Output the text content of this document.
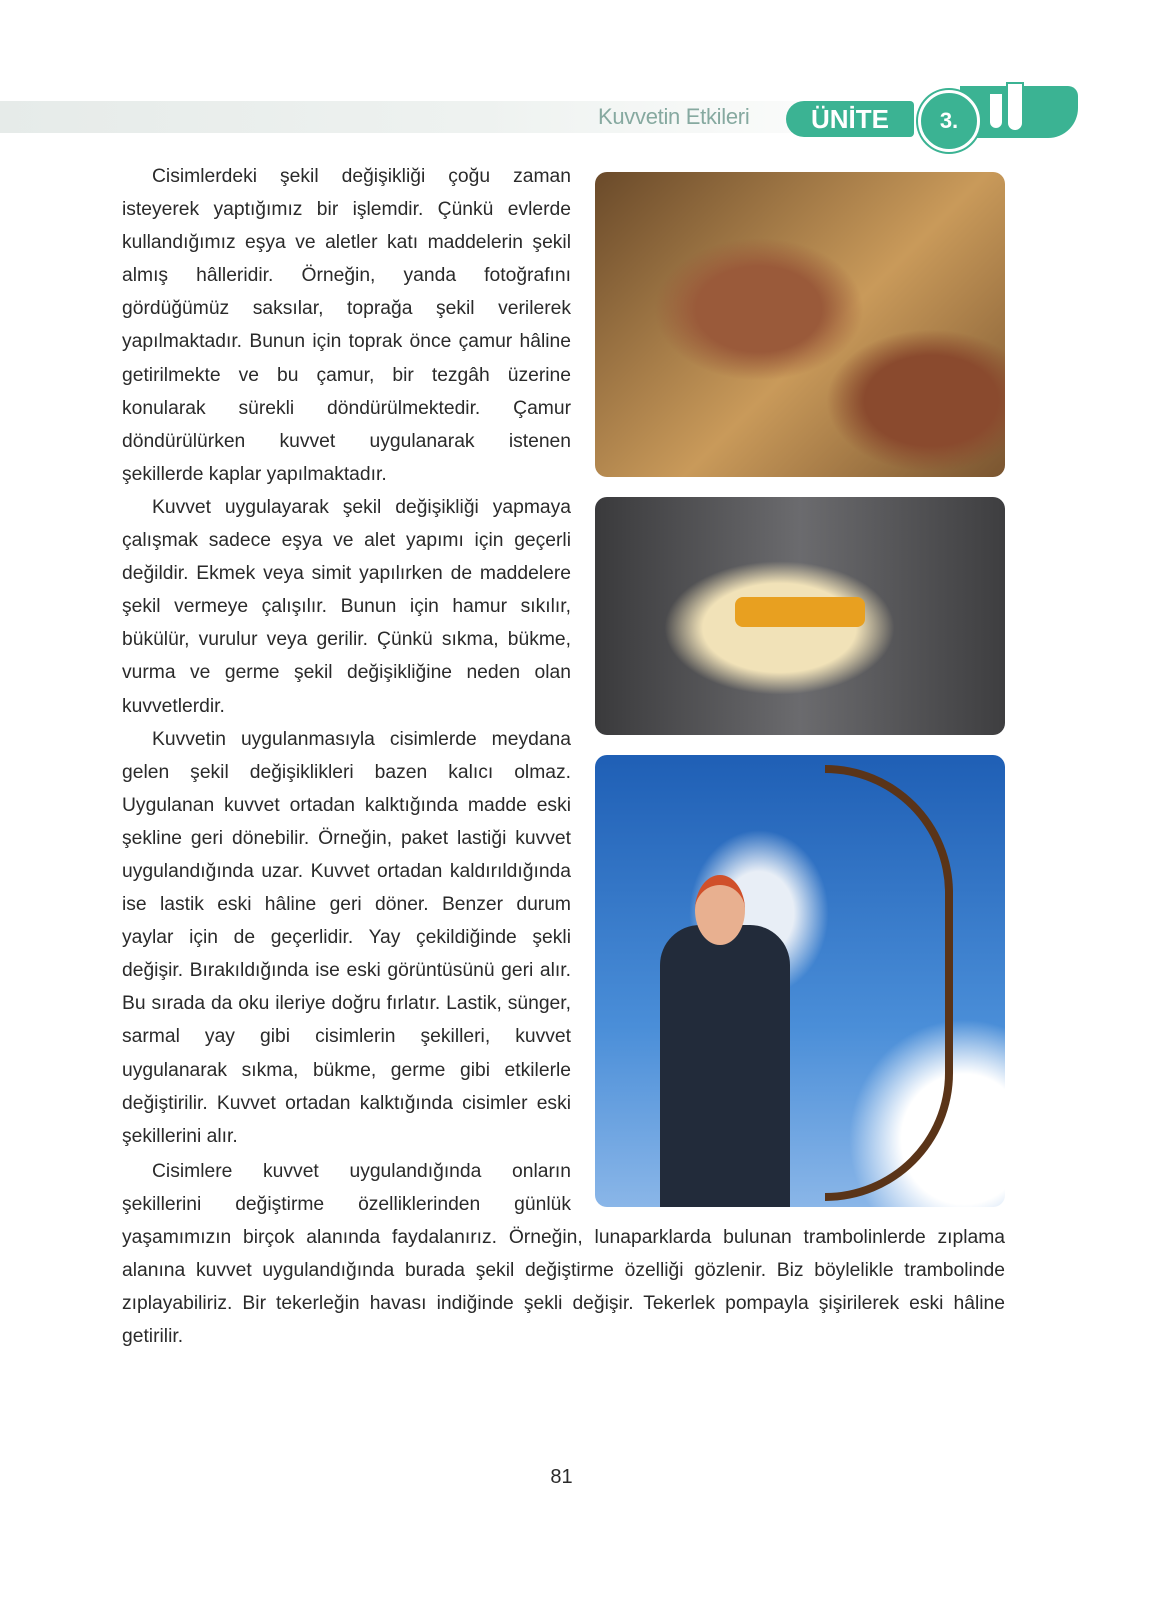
Kuvvetin Etkileri	ÜNİTE	3.

Cisimlerdeki şekil değişikliği çoğu zaman isteyerek yaptığımız bir işlemdir. Çünkü evlerde kullandığımız eşya ve aletler katı maddelerin şekil almış hâlleridir. Örneğin, yanda fotoğrafını gördüğümüz saksılar, toprağa şekil verilerek yapılmaktadır. Bunun için toprak önce çamur hâline getirilmekte ve bu çamur, bir tezgâh üzerine konularak sürekli döndürülmektedir. Çamur döndürülürken kuvvet uygulanarak istenen şekillerde kaplar yapılmaktadır.

Kuvvet uygulayarak şekil değişikliği yapmaya çalışmak sadece eşya ve alet yapımı için geçerli değildir. Ekmek veya simit yapılırken de maddelere şekil vermeye çalışılır. Bunun için hamur sıkılır, bükülür, vurulur veya gerilir. Çünkü sıkma, bükme, vurma ve germe şekil değişikliğine neden olan kuvvetlerdir.

Kuvvetin uygulanmasıyla cisimlerde meydana gelen şekil değişiklikleri bazen kalıcı olmaz. Uygulanan kuvvet ortadan kalktığında madde eski şekline geri dönebilir. Örneğin, paket lastiği kuvvet uygulandığında uzar. Kuvvet ortadan kaldırıldığında ise lastik eski hâline geri döner. Benzer durum yaylar için de geçerlidir. Yay çekildiğinde şekli değişir. Bırakıldığında ise eski görüntüsünü geri alır. Bu sırada da oku ileriye doğru fırlatır. Lastik, sünger, sarmal yay gibi cisimlerin şekilleri, kuvvet uygulanarak sıkma, bükme, germe gibi etkilerle değiştirilir. Kuvvet ortadan kalktığında cisimler eski şekillerini alır.

Cisimlere kuvvet uygulandığında onların şekillerini değiştirme özelliklerinden günlük yaşamımızın birçok alanında faydalanırız. Örneğin, lunaparklarda bulunan trambolinlerde zıplama alanına kuvvet uygulandığında burada şekil değiştirme özelliği gözlenir. Biz böylelikle trambolinde zıplayabiliriz. Bir tekerleğin havası indiğinde şekli değişir. Tekerlek pompayla şişirilerek eski hâline getirilir.

81
